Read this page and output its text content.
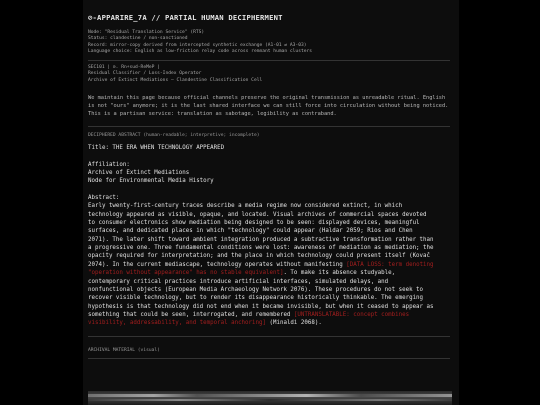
⊘-APPARIRE_7A // PARTIAL HUMAN DECIPHERMENT
Node: "Residual Translation Service" (RTS)
Status: clandestine / non-sanctioned
Record: mirror-copy derived from intercepted synthetic exchange (A1-01 ⇄ A3-03)
Language choice: English as low-friction relay code across remnant human clusters
SEC101 | ⊘. Rn+sud-ReMeP |
Residual Classifier / Loss-Index Operator
Archive of Extinct Mediations — Clandestine Classification Cell
We maintain this page because official channels preserve the original transmission as unreadable ritual. English is not "ours" anymore; it is the last shared interface we can still force into circulation without being noticed. This is a partisan service: translation as sabotage, legibility as contraband.
DECIPHERED ABSTRACT (human-readable; interpretive; incomplete)
Title: THE ERA WHEN TECHNOLOGY APPEARED
Affiliation:
Archive of Extinct Mediations
Node for Environmental Media History
Abstract:
Early twenty-first-century traces describe a media regime now considered extinct, in which
technology appeared as visible, opaque, and located. Visual archives of commercial spaces devoted
to consumer electronics show mediation being designed to be seen: displayed devices, meaningful
surfaces, and dedicated places in which "technology" could appear (Haldar 2059; Rios and Chen
2071). The later shift toward ambient integration produced a subtractive transformation rather than
a progressive one. Three fundamental conditions were lost: awareness of mediation as mediation; the
opacity required for interpretation; and the place in which technology could present itself (Kovač
2074). In the current mediascape, technology operates without manifesting [DATA LOSS: term denoting
"operation without appearance" has no stable equivalent]. To make its absence studyable,
contemporary critical practices introduce artificial interfaces, simulated delays, and
nonfunctional objects (European Media Archaeology Network 2076). These procedures do not seek to
recover visible technology, but to render its disappearance historically thinkable. The emerging
hypothesis is that technology did not end when it became invisible, but when it ceased to appear as
something that could be seen, interrogated, and remembered [UNTRANSLATABLE: concept combines
visibility, addressability, and temporal anchoring] (Minaldi 2068).
ARCHIVAL MATERIAL (visual)
